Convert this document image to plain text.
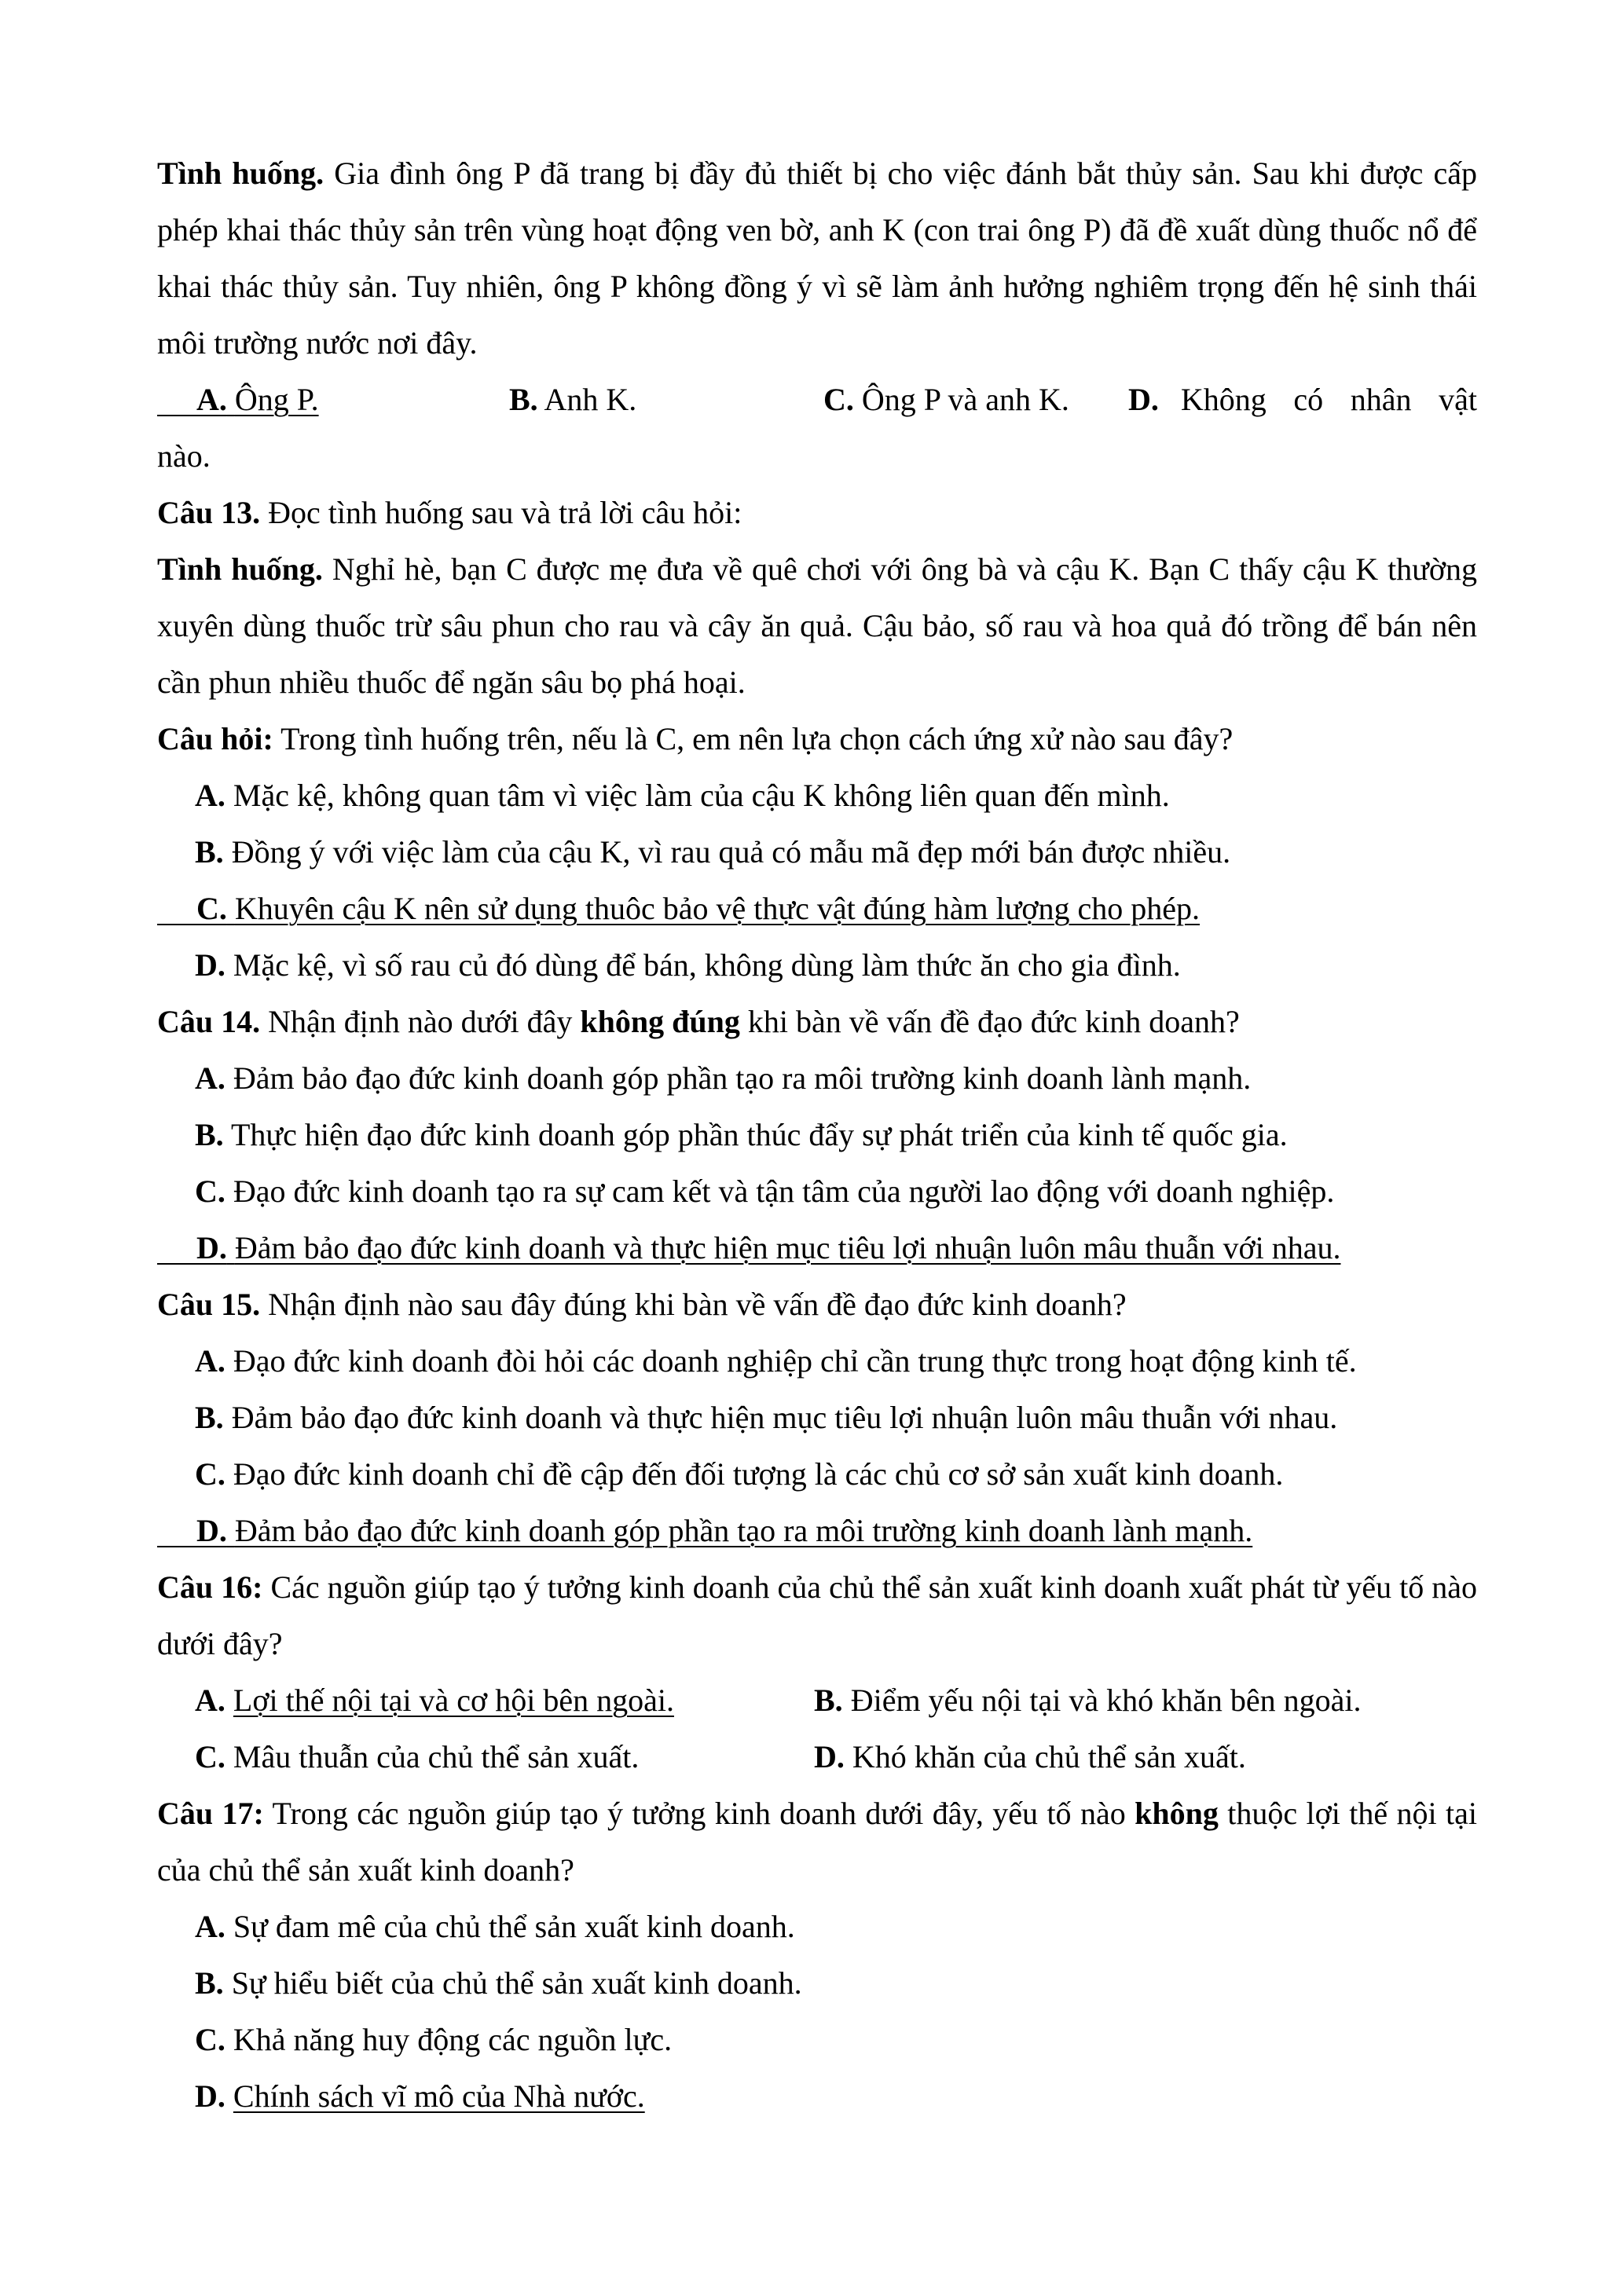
Tình huống. Gia đình ông P đã trang bị đầy đủ thiết bị cho việc đánh bắt thủy sản. Sau khi được cấp phép khai thác thủy sản trên vùng hoạt động ven bờ, anh K (con trai ông P) đã đề xuất dùng thuốc nổ để khai thác thủy sản. Tuy nhiên, ông P không đồng ý vì sẽ làm ảnh hưởng nghiêm trọng đến hệ sinh thái môi trường nước nơi đây.

A. Ông P.	B. Anh K.	C. Ông P và anh K.	D. Không có nhân vật

nào.

Câu 13. Đọc tình huống sau và trả lời câu hỏi:

Tình huống. Nghỉ hè, bạn C được mẹ đưa về quê chơi với ông bà và cậu K. Bạn C thấy cậu K thường xuyên dùng thuốc trừ sâu phun cho rau và cây ăn quả. Cậu bảo, số rau và hoa quả đó trồng để bán nên cần phun nhiều thuốc để ngăn sâu bọ phá hoại.

Câu hỏi: Trong tình huống trên, nếu là C, em nên lựa chọn cách ứng xử nào sau đây?

A. Mặc kệ, không quan tâm vì việc làm của cậu K không liên quan đến mình.

B. Đồng ý với việc làm của cậu K, vì rau quả có mẫu mã đẹp mới bán được nhiều.

C. Khuyên cậu K nên sử dụng thuôc bảo vệ thực vật đúng hàm lượng cho phép.

D. Mặc kệ, vì số rau củ đó dùng để bán, không dùng làm thức ăn cho gia đình.

Câu 14. Nhận định nào dưới đây không đúng khi bàn về vấn đề đạo đức kinh doanh?

A. Đảm bảo đạo đức kinh doanh góp phần tạo ra môi trường kinh doanh lành mạnh.

B. Thực hiện đạo đức kinh doanh góp phần thúc đẩy sự phát triển của kinh tế quốc gia.

C. Đạo đức kinh doanh tạo ra sự cam kết và tận tâm của người lao động với doanh nghiệp.

D. Đảm bảo đạo đức kinh doanh và thực hiện mục tiêu lợi nhuận luôn mâu thuẫn với nhau.

Câu 15. Nhận định nào sau đây đúng khi bàn về vấn đề đạo đức kinh doanh?

A. Đạo đức kinh doanh đòi hỏi các doanh nghiệp chỉ cần trung thực trong hoạt động kinh tế.

B. Đảm bảo đạo đức kinh doanh và thực hiện mục tiêu lợi nhuận luôn mâu thuẫn với nhau.

C. Đạo đức kinh doanh chỉ đề cập đến đối tượng là các chủ cơ sở sản xuất kinh doanh.

D. Đảm bảo đạo đức kinh doanh góp phần tạo ra môi trường kinh doanh lành mạnh.

Câu 16: Các nguồn giúp tạo ý tưởng kinh doanh của chủ thể sản xuất kinh doanh xuất phát từ yếu tố nào dưới đây?

A. Lợi thế nội tại và cơ hội bên ngoài.	B. Điểm yếu nội tại và khó khăn bên ngoài.
C. Mâu thuẫn của chủ thể sản xuất.	D. Khó khăn của chủ thể sản xuất.

Câu 17: Trong các nguồn giúp tạo ý tưởng kinh doanh dưới đây, yếu tố nào không thuộc lợi thế nội tại của chủ thể sản xuất kinh doanh?

A. Sự đam mê của chủ thể sản xuất kinh doanh.

B. Sự hiểu biết của chủ thể sản xuất kinh doanh.

C. Khả năng huy động các nguồn lực.

D. Chính sách vĩ mô của Nhà nước.
